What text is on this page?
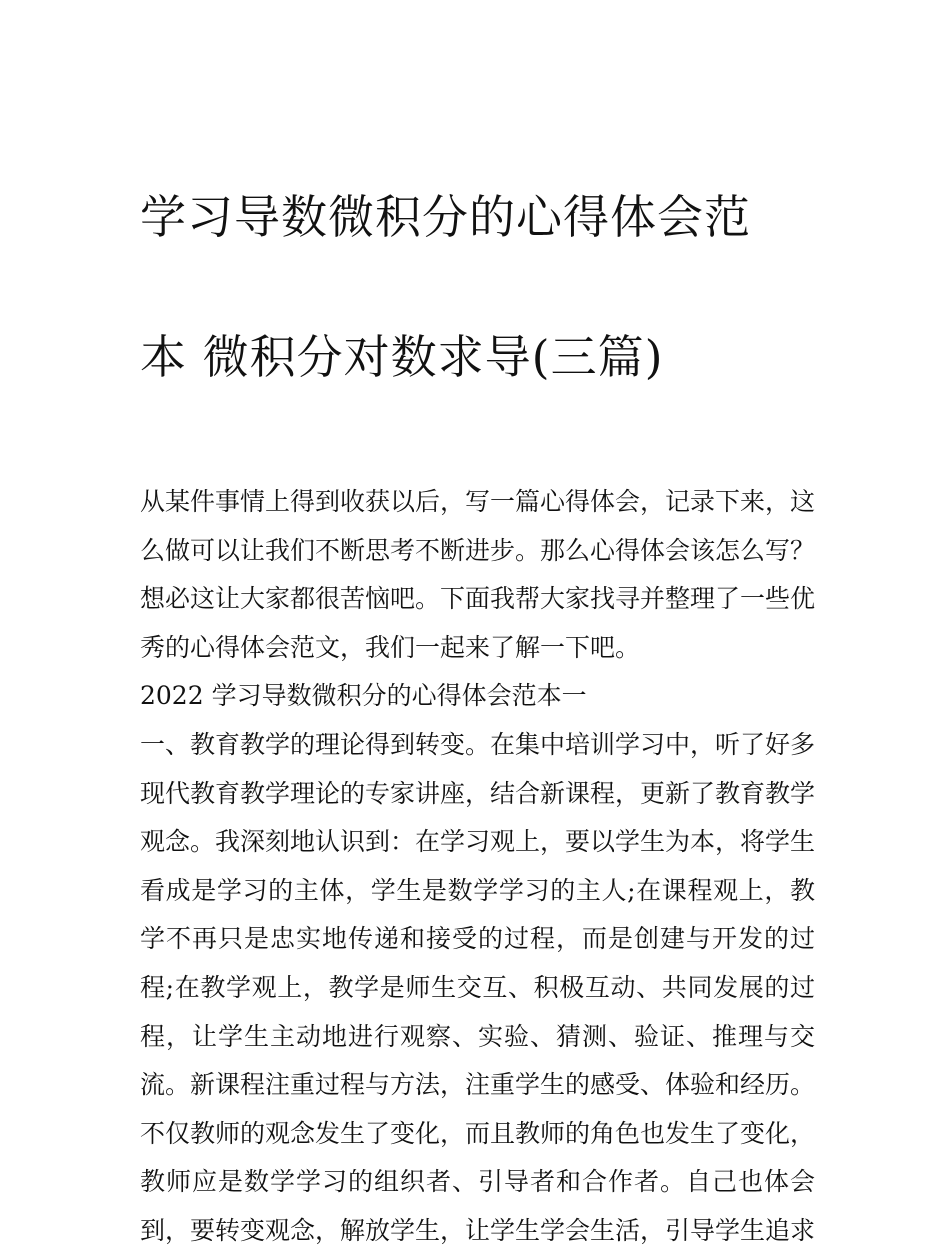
学习导数微积分的心得体会范

本 微积分对数求导(三篇)

从某件事情上得到收获以后，写一篇心得体会，记录下来，这
么做可以让我们不断思考不断进步。那么心得体会该怎么写？
想必这让大家都很苦恼吧。下面我帮大家找寻并整理了一些优
秀的心得体会范文，我们一起来了解一下吧。

2022 学习导数微积分的心得体会范本一

一、教育教学的理论得到转变。在集中培训学习中，听了好多
现代教育教学理论的专家讲座，结合新课程，更新了教育教学
观念。我深刻地认识到：在学习观上，要以学生为本，将学生
看成是学习的主体，学生是数学学习的主人;在课程观上，教
学不再只是忠实地传递和接受的过程，而是创建与开发的过
程;在教学观上，教学是师生交互、积极互动、共同发展的过
程，让学生主动地进行观察、实验、猜测、验证、推理与交
流。新课程注重过程与方法，注重学生的感受、体验和经历。
不仅教师的观念发生了变化，而且教师的角色也发生了变化，
教师应是数学学习的组织者、引导者和合作者。自己也体会
到，要转变观念，解放学生，让学生学会生活，引导学生追求
